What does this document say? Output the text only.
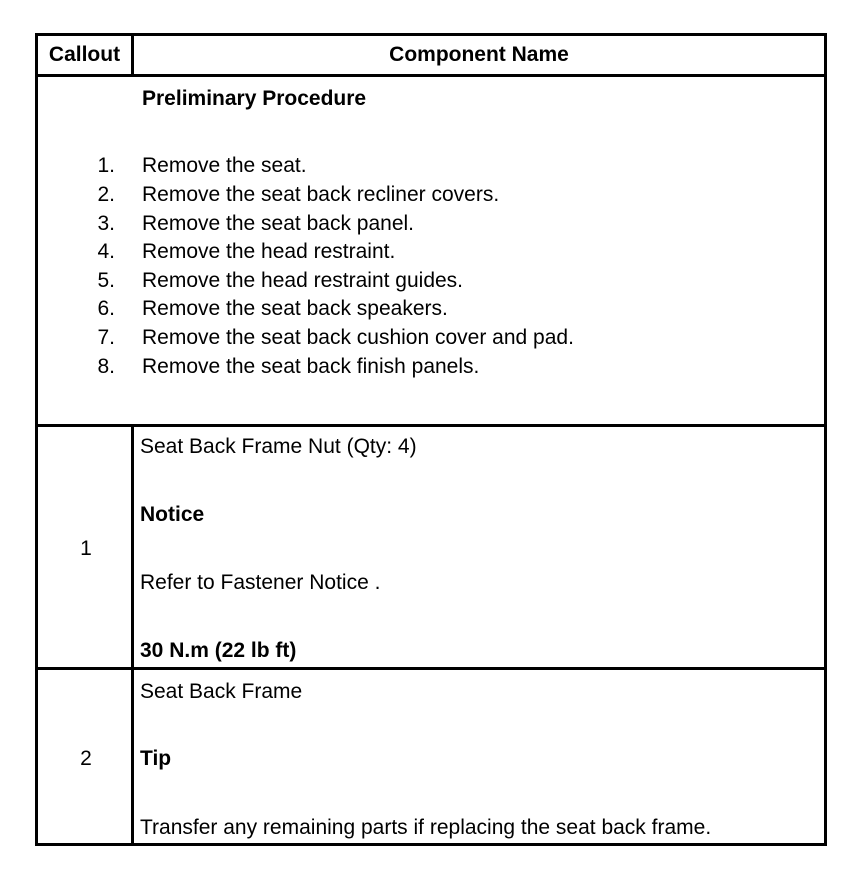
Callout	Component Name
Preliminary Procedure
1. Remove the seat.
2. Remove the seat back recliner covers.
3. Remove the seat back panel.
4. Remove the head restraint.
5. Remove the head restraint guides.
6. Remove the seat back speakers.
7. Remove the seat back cushion cover and pad.
8. Remove the seat back finish panels.
1
Seat Back Frame Nut (Qty: 4)
Notice
Refer to Fastener Notice .
30 N.m (22 lb ft)
2
Seat Back Frame
Tip
Transfer any remaining parts if replacing the seat back frame.
